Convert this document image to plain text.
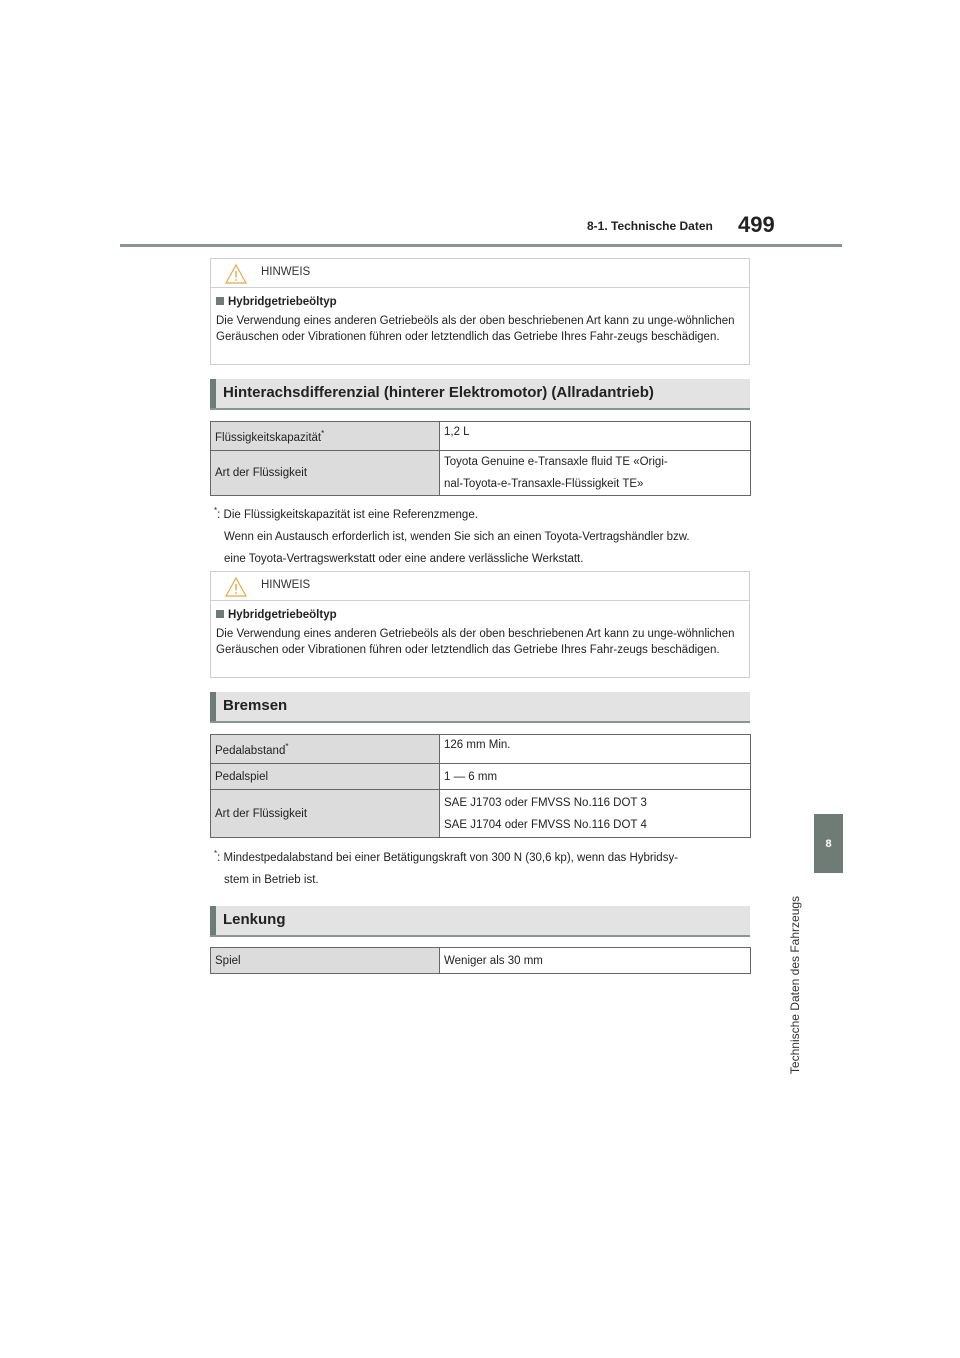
8-1. Technische Daten 499
8
Technische Daten des Fahrzeugs
HINWEIS
Hybridgetriebeöltyp
Die Verwendung eines anderen Getriebeöls als der oben beschriebenen Art kann zu unge-wöhnlichen Geräuschen oder Vibrationen führen oder letztendlich das Getriebe Ihres Fahr-zeugs beschädigen.
Hinterachsdifferenzial (hinterer Elektromotor) (Allradantrieb)
Flüssigkeitskapazität*	1,2 L
Art der Flüssigkeit	Toyota Genuine e-Transaxle fluid TE «Origi-
nal-Toyota-e-Transaxle-Flüssigkeit TE»
*: Die Flüssigkeitskapazität ist eine Referenzmenge.
Wenn ein Austausch erforderlich ist, wenden Sie sich an einen Toyota-Vertragshändler bzw.
eine Toyota-Vertragswerkstatt oder eine andere verlässliche Werkstatt.
HINWEIS
Hybridgetriebeöltyp
Die Verwendung eines anderen Getriebeöls als der oben beschriebenen Art kann zu unge-wöhnlichen Geräuschen oder Vibrationen führen oder letztendlich das Getriebe Ihres Fahr-zeugs beschädigen.
Bremsen
Pedalabstand*	126 mm Min.
Pedalspiel	1 — 6 mm
Art der Flüssigkeit	SAE J1703 oder FMVSS No.116 DOT 3
SAE J1704 oder FMVSS No.116 DOT 4
*: Mindestpedalabstand bei einer Betätigungskraft von 300 N (30,6 kp), wenn das Hybridsy-
stem in Betrieb ist.
Lenkung
Spiel	Weniger als 30 mm
